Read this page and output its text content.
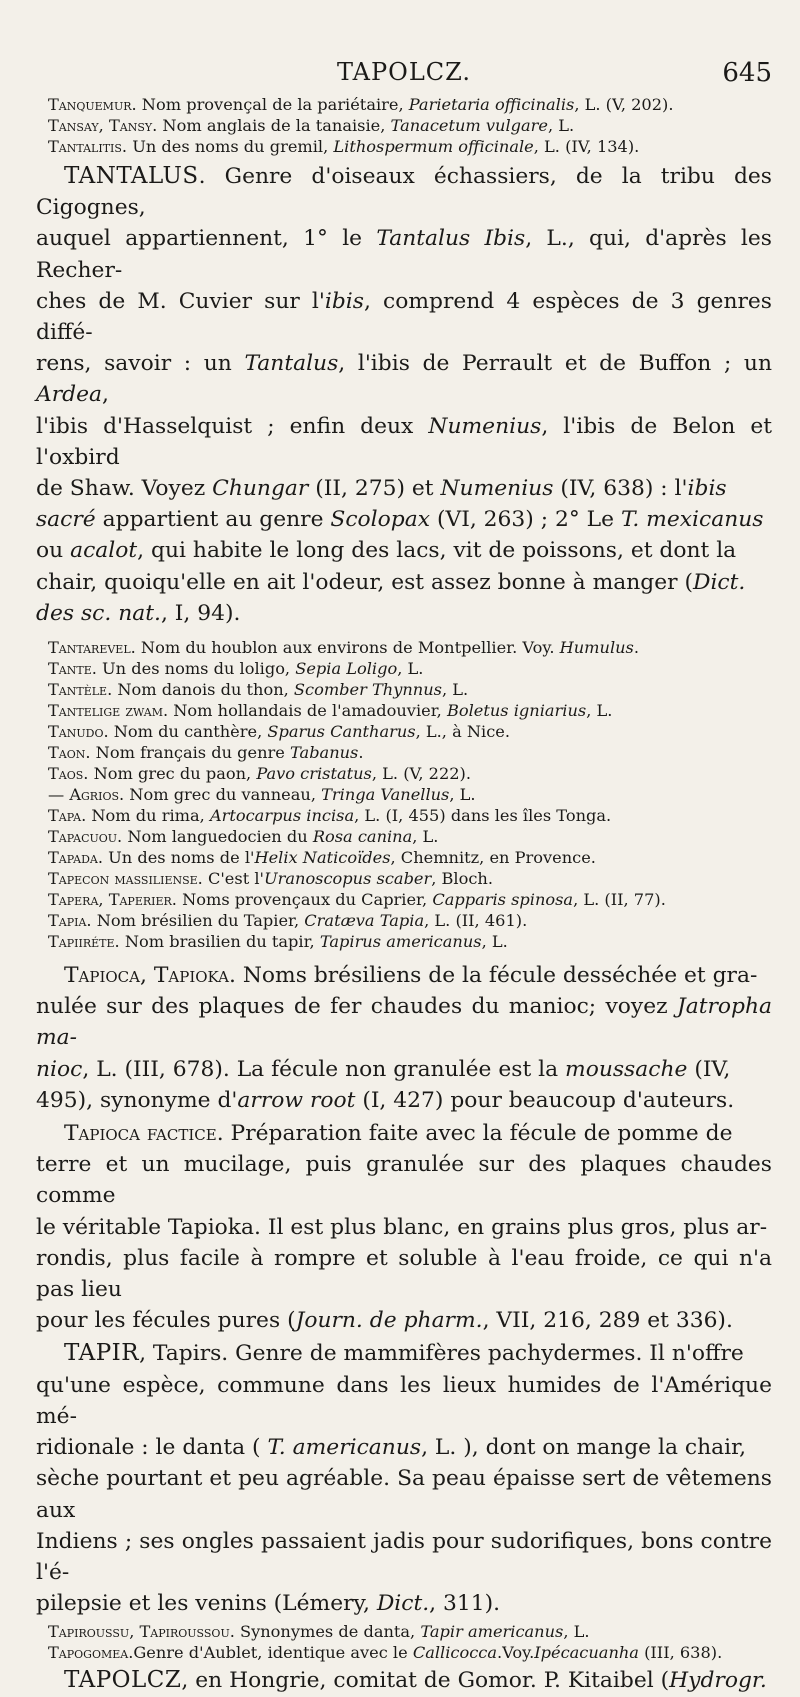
TAPOLCZ.	645
Tanquemur. Nom provençal de la pariétaire, Parietaria officinalis, L. (V, 202).
Tansay, Tansy. Nom anglais de la tanaisie, Tanacetum vulgare, L.
Tantalitis. Un des noms du gremil, Lithospermum officinale, L. (IV, 134).
TANTALUS. Genre d'oiseaux échassiers, de la tribu des Cigognes,
auquel appartiennent, 1° le Tantalus Ibis, L., qui, d'après les Recher-
ches de M. Cuvier sur l'ibis, comprend 4 espèces de 3 genres diffé-
rens, savoir : un Tantalus, l'ibis de Perrault et de Buffon ; un Ardea,
l'ibis d'Hasselquist ; enfin deux Numenius, l'ibis de Belon et l'oxbird
de Shaw. Voyez Chungar (II, 275) et Numenius (IV, 638) : l'ibis
sacré appartient au genre Scolopax (VI, 263) ; 2° Le T. mexicanus
ou acalot, qui habite le long des lacs, vit de poissons, et dont la
chair, quoiqu'elle en ait l'odeur, est assez bonne à manger (Dict.
des sc. nat., I, 94).
Tantarevel. Nom du houblon aux environs de Montpellier. Voy. Humulus.
Tante. Un des noms du loligo, Sepia Loligo, L.
Tantèle. Nom danois du thon, Scomber Thynnus, L.
Tantelige zwam. Nom hollandais de l'amadouvier, Boletus igniarius, L.
Tanudo. Nom du canthère, Sparus Cantharus, L., à Nice.
Taon. Nom français du genre Tabanus.
Taos. Nom grec du paon, Pavo cristatus, L. (V, 222).
— Agrios. Nom grec du vanneau, Tringa Vanellus, L.
Tapa. Nom du rima, Artocarpus incisa, L. (I, 455) dans les îles Tonga.
Tapacuou. Nom languedocien du Rosa canina, L.
Tapada. Un des noms de l'Helix Naticoïdes, Chemnitz, en Provence.
Tapecon massiliense. C'est l'Uranoscopus scaber, Bloch.
Tapera, Taperier. Noms provençaux du Caprier, Capparis spinosa, L. (II, 77).
Tapia. Nom brésilien du Tapier, Cratæva Tapia, L. (II, 461).
Tapiiréte. Nom brasilien du tapir, Tapirus americanus, L.
Tapioca, Tapioka. Noms brésiliens de la fécule desséchée et gra-
nulée sur des plaques de fer chaudes du manioc; voyez Jatropha ma-
nioc, L. (III, 678). La fécule non granulée est la moussache (IV,
495), synonyme d'arrow root (I, 427) pour beaucoup d'auteurs.
Tapioca factice. Préparation faite avec la fécule de pomme de
terre et un mucilage, puis granulée sur des plaques chaudes comme
le véritable Tapioka. Il est plus blanc, en grains plus gros, plus ar-
rondis, plus facile à rompre et soluble à l'eau froide, ce qui n'a pas lieu
pour les fécules pures (Journ. de pharm., VII, 216, 289 et 336).
TAPIR, Tapirs. Genre de mammifères pachydermes. Il n'offre
qu'une espèce, commune dans les lieux humides de l'Amérique mé-
ridionale : le danta ( T. americanus, L. ), dont on mange la chair,
sèche pourtant et peu agréable. Sa peau épaisse sert de vêtemens aux
Indiens ; ses ongles passaient jadis pour sudorifiques, bons contre l'é-
pilepsie et les venins (Lémery, Dict., 311).
Tapiroussu, Tapiroussou. Synonymes de danta, Tapir americanus, L.
Tapogomea.Genre d'Aublet, identique avec le Callicocca.Voy.Ipécacuanha (III, 638).
TAPOLCZ, en Hongrie, comitat de Gomor. P. Kitaibel (Hydrogr.
